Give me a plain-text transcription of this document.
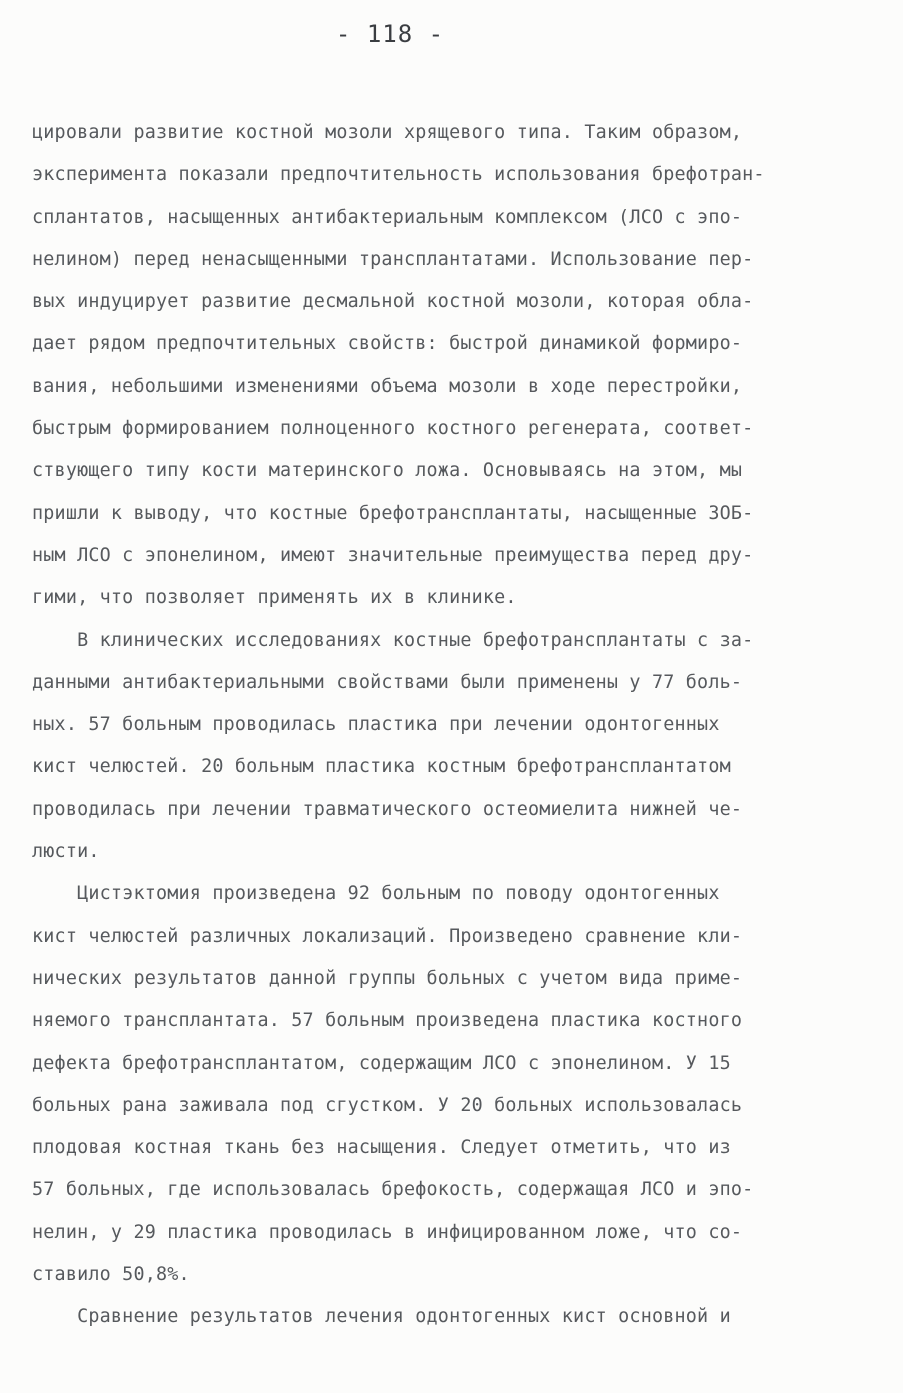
- 118 -
цировали развитие костной мозоли хрящевого типа. Таким образом,
эксперимента показали предпочтительность использования брефотран-
сплантатов, насыщенных антибактериальным комплексом (ЛСО с эпо-
нелином) перед ненасыщенными трансплантатами. Использование пер-
вых индуцирует развитие десмальной костной мозоли, которая обла-
дает рядом предпочтительных свойств: быстрой динамикой формиро-
вания, небольшими изменениями объема мозоли в ходе перестройки,
быстрым формированием полноценного костного регенерата, соответ-
ствующего типу кости материнского ложа. Основываясь на этом, мы
пришли к выводу, что костные брефотрансплантаты, насыщенные ЗОБ-
ным ЛСО с эпонелином, имеют значительные преимущества перед дру-
гими, что позволяет применять их в клинике.
В клинических исследованиях костные брефотрансплантаты с за-
данными антибактериальными свойствами были применены у 77 боль-
ных. 57 больным проводилась пластика при лечении одонтогенных
кист челюстей. 20 больным пластика костным брефотрансплантатом
проводилась при лечении травматического остеомиелита нижней че-
люсти.
Цистэктомия произведена 92 больным по поводу одонтогенных
кист челюстей различных локализаций. Произведено сравнение кли-
нических результатов данной группы больных с учетом вида приме-
няемого трансплантата. 57 больным произведена пластика костного
дефекта брефотрансплантатом, содержащим ЛСО с эпонелином. У 15
больных рана заживала под сгустком. У 20 больных использовалась
плодовая костная ткань без насыщения. Следует отметить, что из
57 больных, где использовалась брефокость, содержащая ЛСО и эпо-
нелин, у 29 пластика проводилась в инфицированном ложе, что со-
ставило 50,8%.
Сравнение результатов лечения одонтогенных кист основной и
